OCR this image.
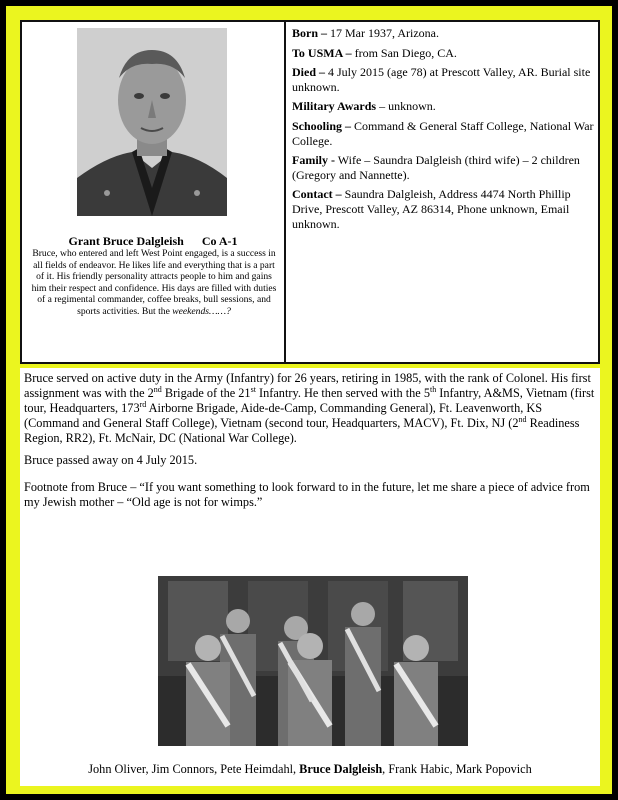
Grant Bruce Dalgleish Co A-1
Bruce, who entered and left West Point engaged, is a success in all fields of endeavor. He likes life and everything that is a part of it. His friendly personality attracts people to him and gains him their respect and confidence. His days are filled with duties of a regimental commander, coffee breaks, bull sessions, and sports activities. But the weekends……?

Born – 17 Mar 1937, Arizona.

To USMA – from San Diego, CA.

Died – 4 July 2015 (age 78) at Prescott Valley, AR. Burial site unknown.

Military Awards – unknown.

Schooling – Command & General Staff College, National War College.

Family - Wife – Saundra Dalgleish (third wife) – 2 children (Gregory and Nannette).

Contact – Saundra Dalgleish, Address 4474 North Phillip Drive, Prescott Valley, AZ 86314, Phone unknown, Email unknown.

Bruce served on active duty in the Army (Infantry) for 26 years, retiring in 1985, with the rank of Colonel. His first assignment was with the 2nd Brigade of the 21st Infantry. He then served with the 5th Infantry, A&MS, Vietnam (first tour, Headquarters, 173rd Airborne Brigade, Aide-de-Camp, Commanding General), Ft. Leavenworth, KS (Command and General Staff College), Vietnam (second tour, Headquarters, MACV), Ft. Dix, NJ (2nd Readiness Region, RR2), Ft. McNair, DC (National War College).

Bruce passed away on 4 July 2015.

Footnote from Bruce – “If you want something to look forward to in the future, let me share a piece of advice from my Jewish mother – “Old age is not for wimps.”

John Oliver, Jim Connors, Pete Heimdahl, Bruce Dalgleish, Frank Habic, Mark Popovich
